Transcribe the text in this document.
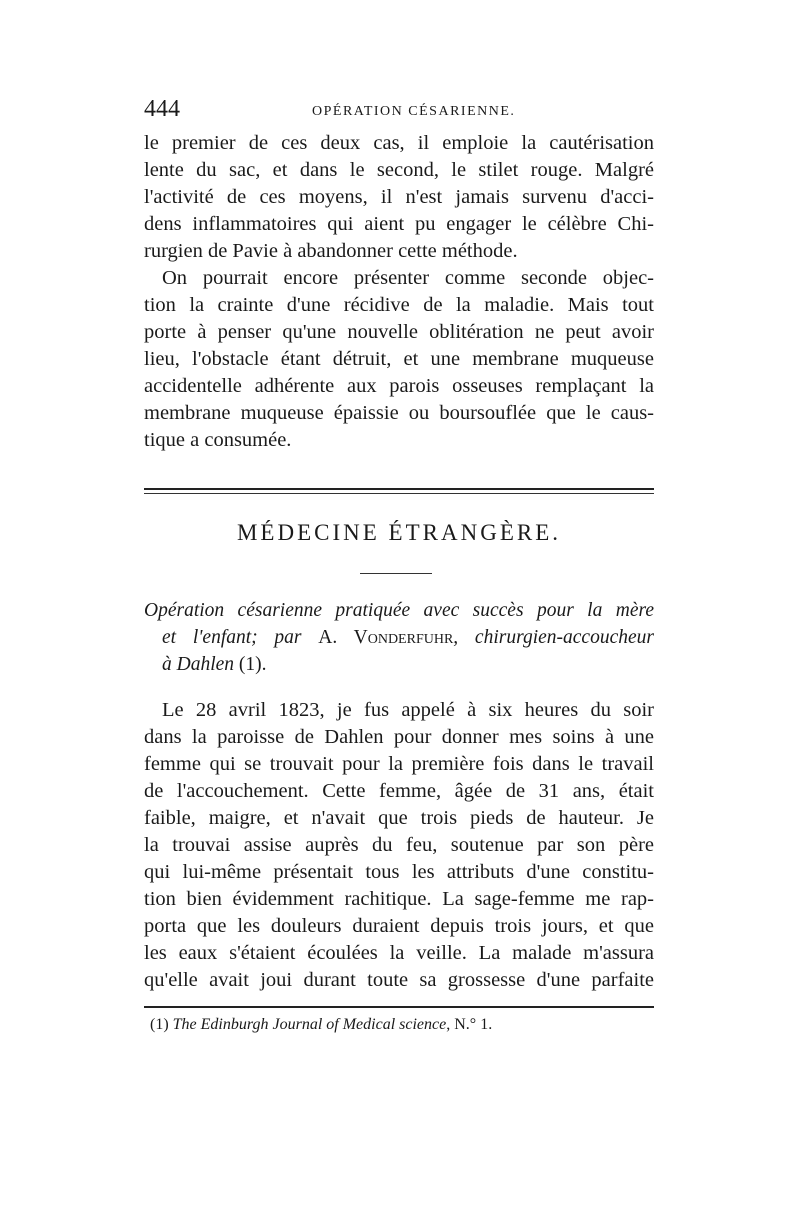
444	OPÉRATION CÉSARIENNE.
le premier de ces deux cas, il emploie la cautérisation
lente du sac, et dans le second, le stilet rouge. Malgré
l'activité de ces moyens, il n'est jamais survenu d'acci-
dens inflammatoires qui aient pu engager le célèbre Chi-
rurgien de Pavie à abandonner cette méthode.
On pourrait encore présenter comme seconde objec-
tion la crainte d'une récidive de la maladie. Mais tout
porte à penser qu'une nouvelle oblitération ne peut avoir
lieu, l'obstacle étant détruit, et une membrane muqueuse
accidentelle adhérente aux parois osseuses remplaçant la
membrane muqueuse épaissie ou boursouflée que le caus-
tique a consumée.
MÉDECINE ÉTRANGÈRE.
Opération césarienne pratiquée avec succès pour la mère
et l'enfant; par A. Vonderfuhr, chirurgien-accoucheur
à Dahlen (1).
Le 28 avril 1823, je fus appelé à six heures du soir
dans la paroisse de Dahlen pour donner mes soins à une
femme qui se trouvait pour la première fois dans le travail
de l'accouchement. Cette femme, âgée de 31 ans, était
faible, maigre, et n'avait que trois pieds de hauteur. Je
la trouvai assise auprès du feu, soutenue par son père
qui lui-même présentait tous les attributs d'une constitu-
tion bien évidemment rachitique. La sage-femme me rap-
porta que les douleurs duraient depuis trois jours, et que
les eaux s'étaient écoulées la veille. La malade m'assura
qu'elle avait joui durant toute sa grossesse d'une parfaite
(1) The Edinburgh Journal of Medical science, N.° 1.
